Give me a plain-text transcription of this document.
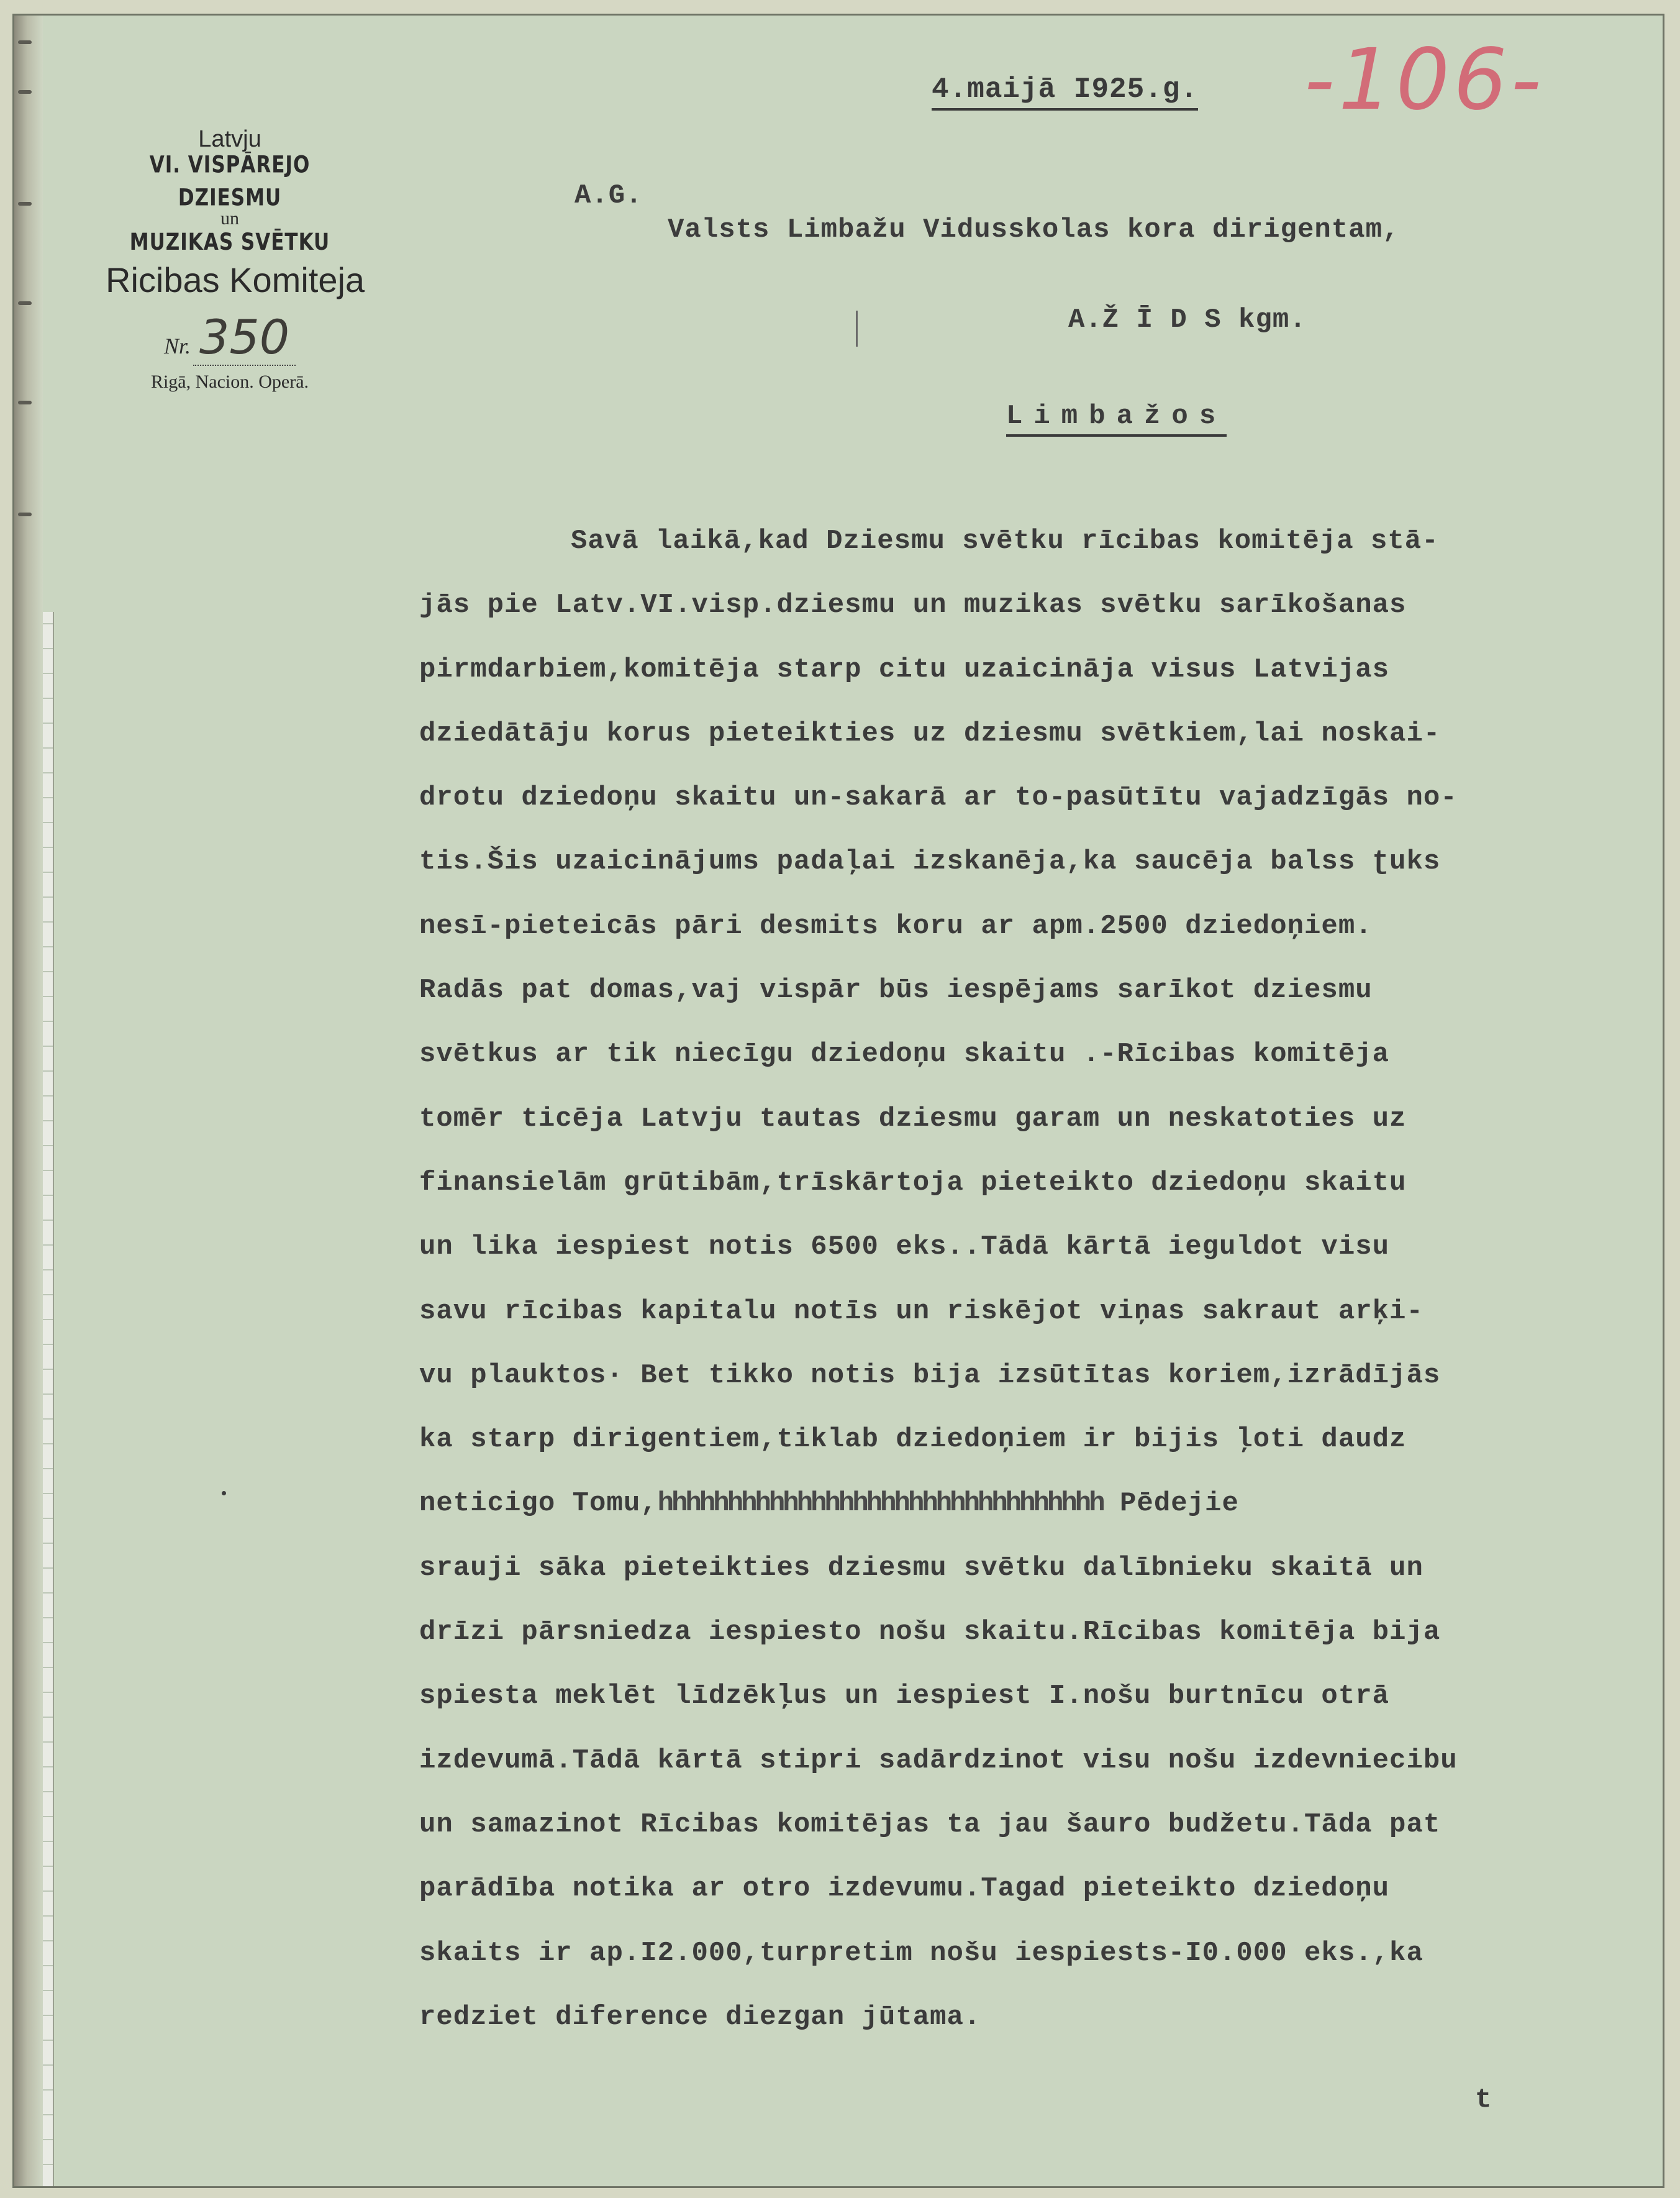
Latvju
VI. VISPĀREJO DZIESMU
un
MUZIKAS SVĒTKU
Ricibas Komiteja
Nr. 350
Rigā, Nacion. Operā.
4.maijā I925.g. -106-
A.G.
Valsts Limbažu Vidusskolas kora dirigentam,
A.Ž Ī D S kgm.
Limbažos
Savā laikā,kad Dziesmu svētku rīcibas komitēja stā-
jās pie Latv.VI.visp.dziesmu un muzikas svētku sarīkošanas
pirmdarbiem,komitēja starp citu uzaicināja visus Latvijas
dziedātāju korus pieteikties uz dziesmu svētkiem,lai noskai-
drotu dziedoņu skaitu un-sakarā ar to-pasūtītu vajadzīgās no-
tis.Šis uzaicinājums padaļai izskanēja,ka saucēja balss ʈuks
nesī-pieteicās pāri desmits koru ar apm.2500 dziedoņiem.
Radās pat domas,vaj vispār būs iespējams sarīkot dziesmu
svētkus ar tik niecīgu dziedoņu skaitu .-Rīcibas komitēja
tomēr ticēja Latvju tautas dziesmu garam un neskatoties uz
finansielām grūtibām,trīskārtoja pieteikto dziedoņu skaitu
un lika iespiest notis 6500 eks..Tādā kārtā ieguldot visu
savu rīcibas kapitalu notīs un riskējot viņas sakraut arķi-
vu plauktos· Bet tikko notis bija izsūtītas koriem,izrādījās
ka starp dirigentiem,tiklab dziedoņiem ir bijis ļoti daudz
neticigo Tomu,hhhhhhhhhhhhhhhhhhhhhhhhhhhhhhhh Pēdejie
srauji sāka pieteikties dziesmu svētku dalībnieku skaitā un
drīzi pārsniedza iespiesto nošu skaitu.Rīcibas komitēja bija
spiesta meklēt līdzēkļus un iespiest I.nošu burtnīcu otrā
izdevumā.Tādā kārtā stipri sadārdzinot visu nošu izdevniecibu
un samazinot Rīcibas komitējas ta jau šauro budžetu.Tāda pat
parādība notika ar otro izdevumu.Tagad pieteikto dziedoņu
skaits ir ap.I2.000,turpretim nošu iespiests-I0.000 eks.,ka
redziet diference diezgan jūtama.
t
